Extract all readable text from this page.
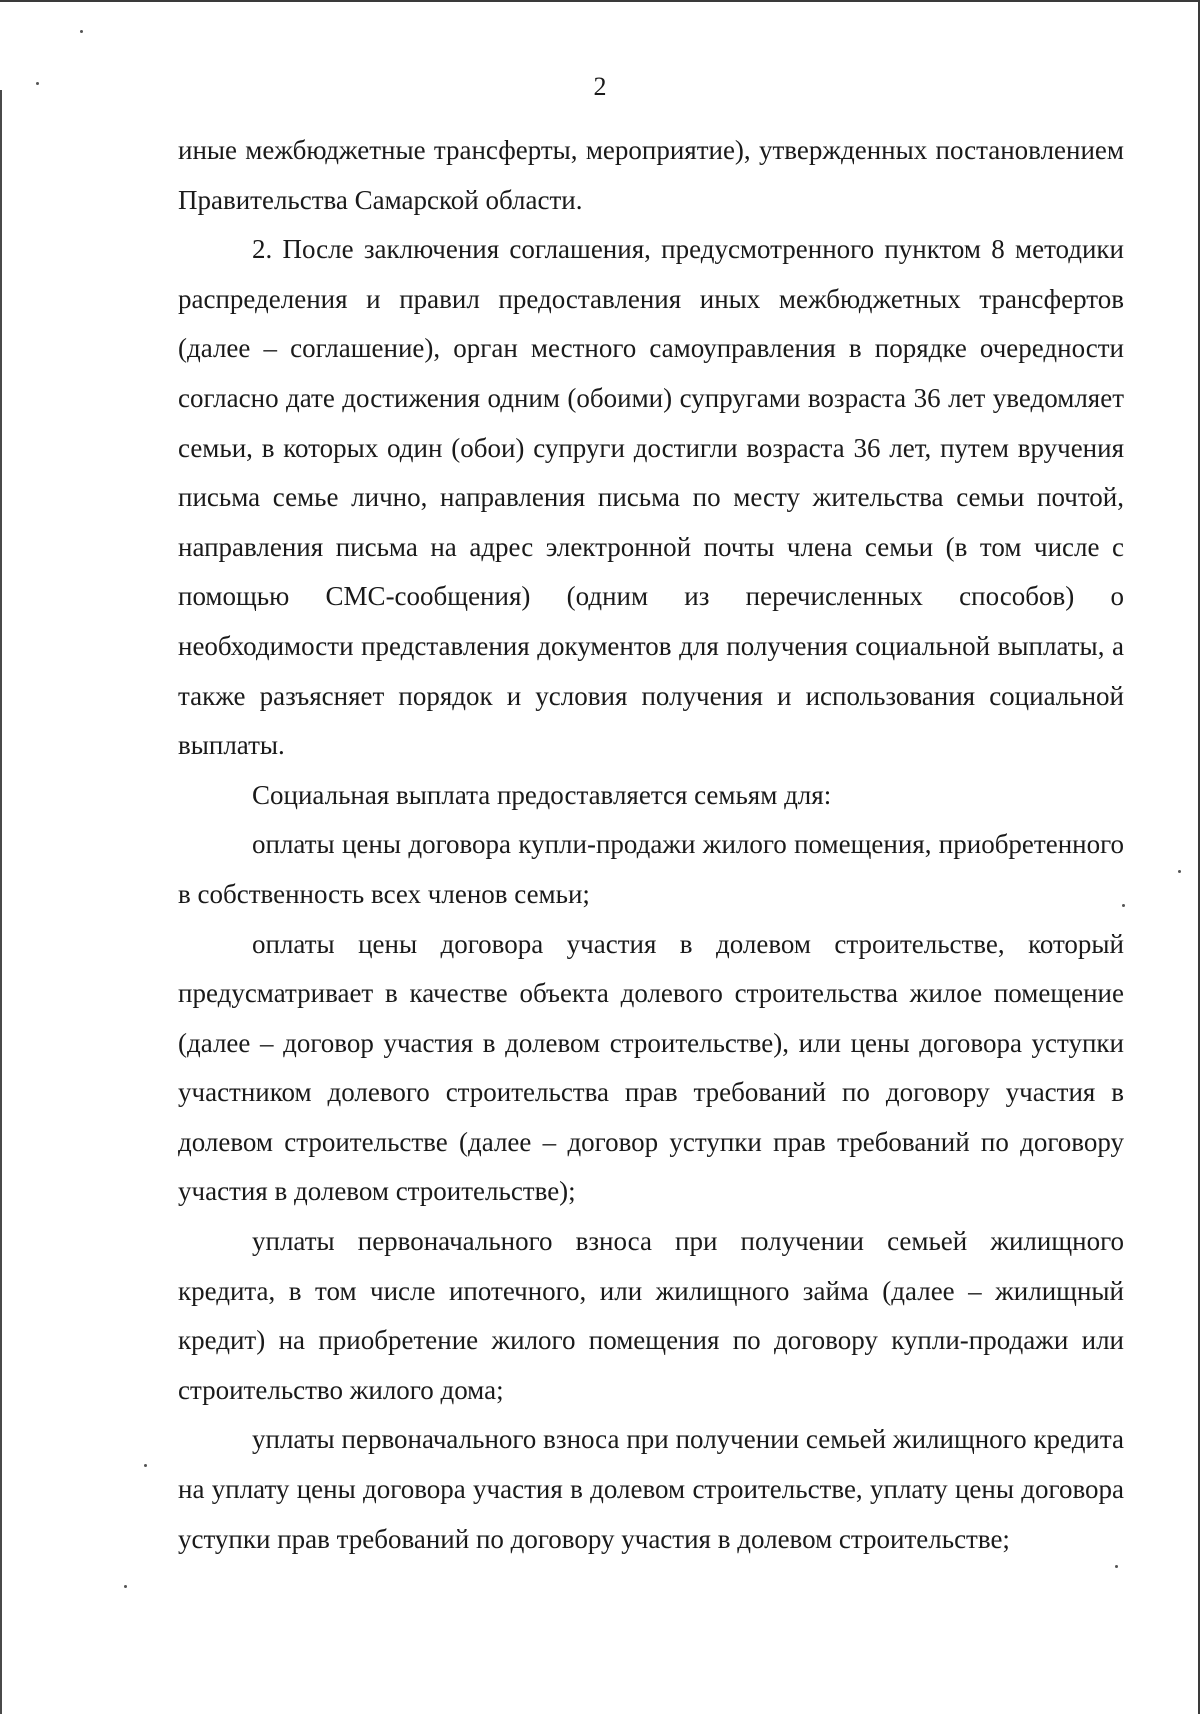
2

иные межбюджетные трансферты, мероприятие), утвержденных постановлением Правительства Самарской области.

2. После заключения соглашения, предусмотренного пунктом 8 методики распределения и правил предоставления иных межбюджетных трансфертов (далее – соглашение), орган местного самоуправления в порядке очередности согласно дате достижения одним (обоими) супругами возраста 36 лет уведомляет семьи, в которых один (обои) супруги достигли возраста 36 лет, путем вручения письма семье лично, направления письма по месту жительства семьи почтой, направления письма на адрес электронной почты члена семьи (в том числе с помощью СМС-сообщения) (одним из перечисленных способов) о необходимости представления документов для получения социальной выплаты, а также разъясняет порядок и условия получения и использования социальной выплаты.

Социальная выплата предоставляется семьям для:

оплаты цены договора купли-продажи жилого помещения, приобретенного в собственность всех членов семьи;

оплаты цены договора участия в долевом строительстве, который предусматривает в качестве объекта долевого строительства жилое помещение (далее – договор участия в долевом строительстве), или цены договора уступки участником долевого строительства прав требований по договору участия в долевом строительстве (далее – договор уступки прав требований по договору участия в долевом строительстве);

уплаты первоначального взноса при получении семьей жилищного кредита, в том числе ипотечного, или жилищного займа (далее – жилищный кредит) на приобретение жилого помещения по договору купли-продажи или строительство жилого дома;

уплаты первоначального взноса при получении семьей жилищного кредита на уплату цены договора участия в долевом строительстве, уплату цены договора уступки прав требований по договору участия в долевом строительстве;
